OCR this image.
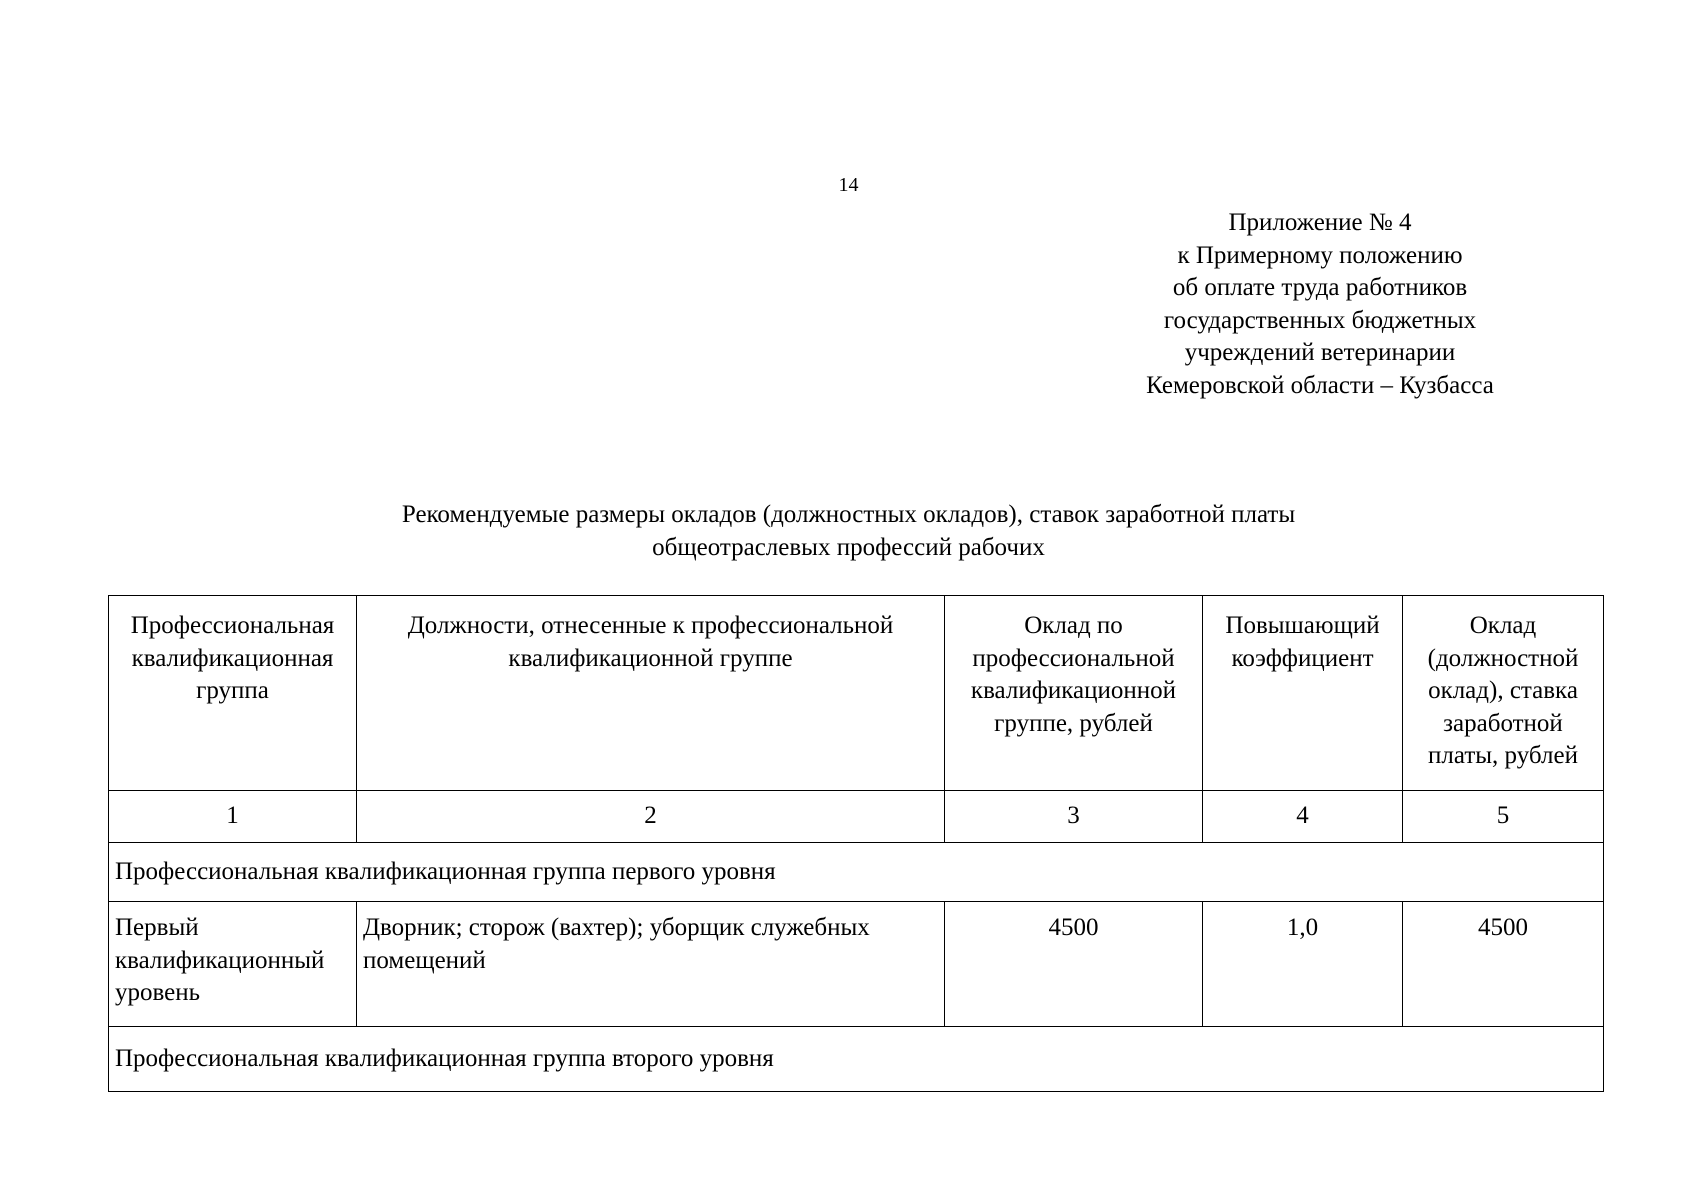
14
Приложение № 4
к Примерному положению
об оплате труда работников
государственных бюджетных
учреждений ветеринарии
Кемеровской области – Кузбасса
Рекомендуемые размеры окладов (должностных окладов), ставок заработной платы
общеотраслевых профессий рабочих
Профессиональная квалификационная группа	Должности, отнесенные к профессиональной квалификационной группе	Оклад по профессиональной квалификационной группе, рублей	Повышающий коэффициент	Оклад (должностной оклад), ставка заработной платы, рублей
1	2	3	4	5
Профессиональная квалификационная группа первого уровня				
Первый квалификационный уровень	Дворник; сторож (вахтер); уборщик служебных помещений	4500	1,0	4500
Профессиональная квалификационная группа второго уровня				
